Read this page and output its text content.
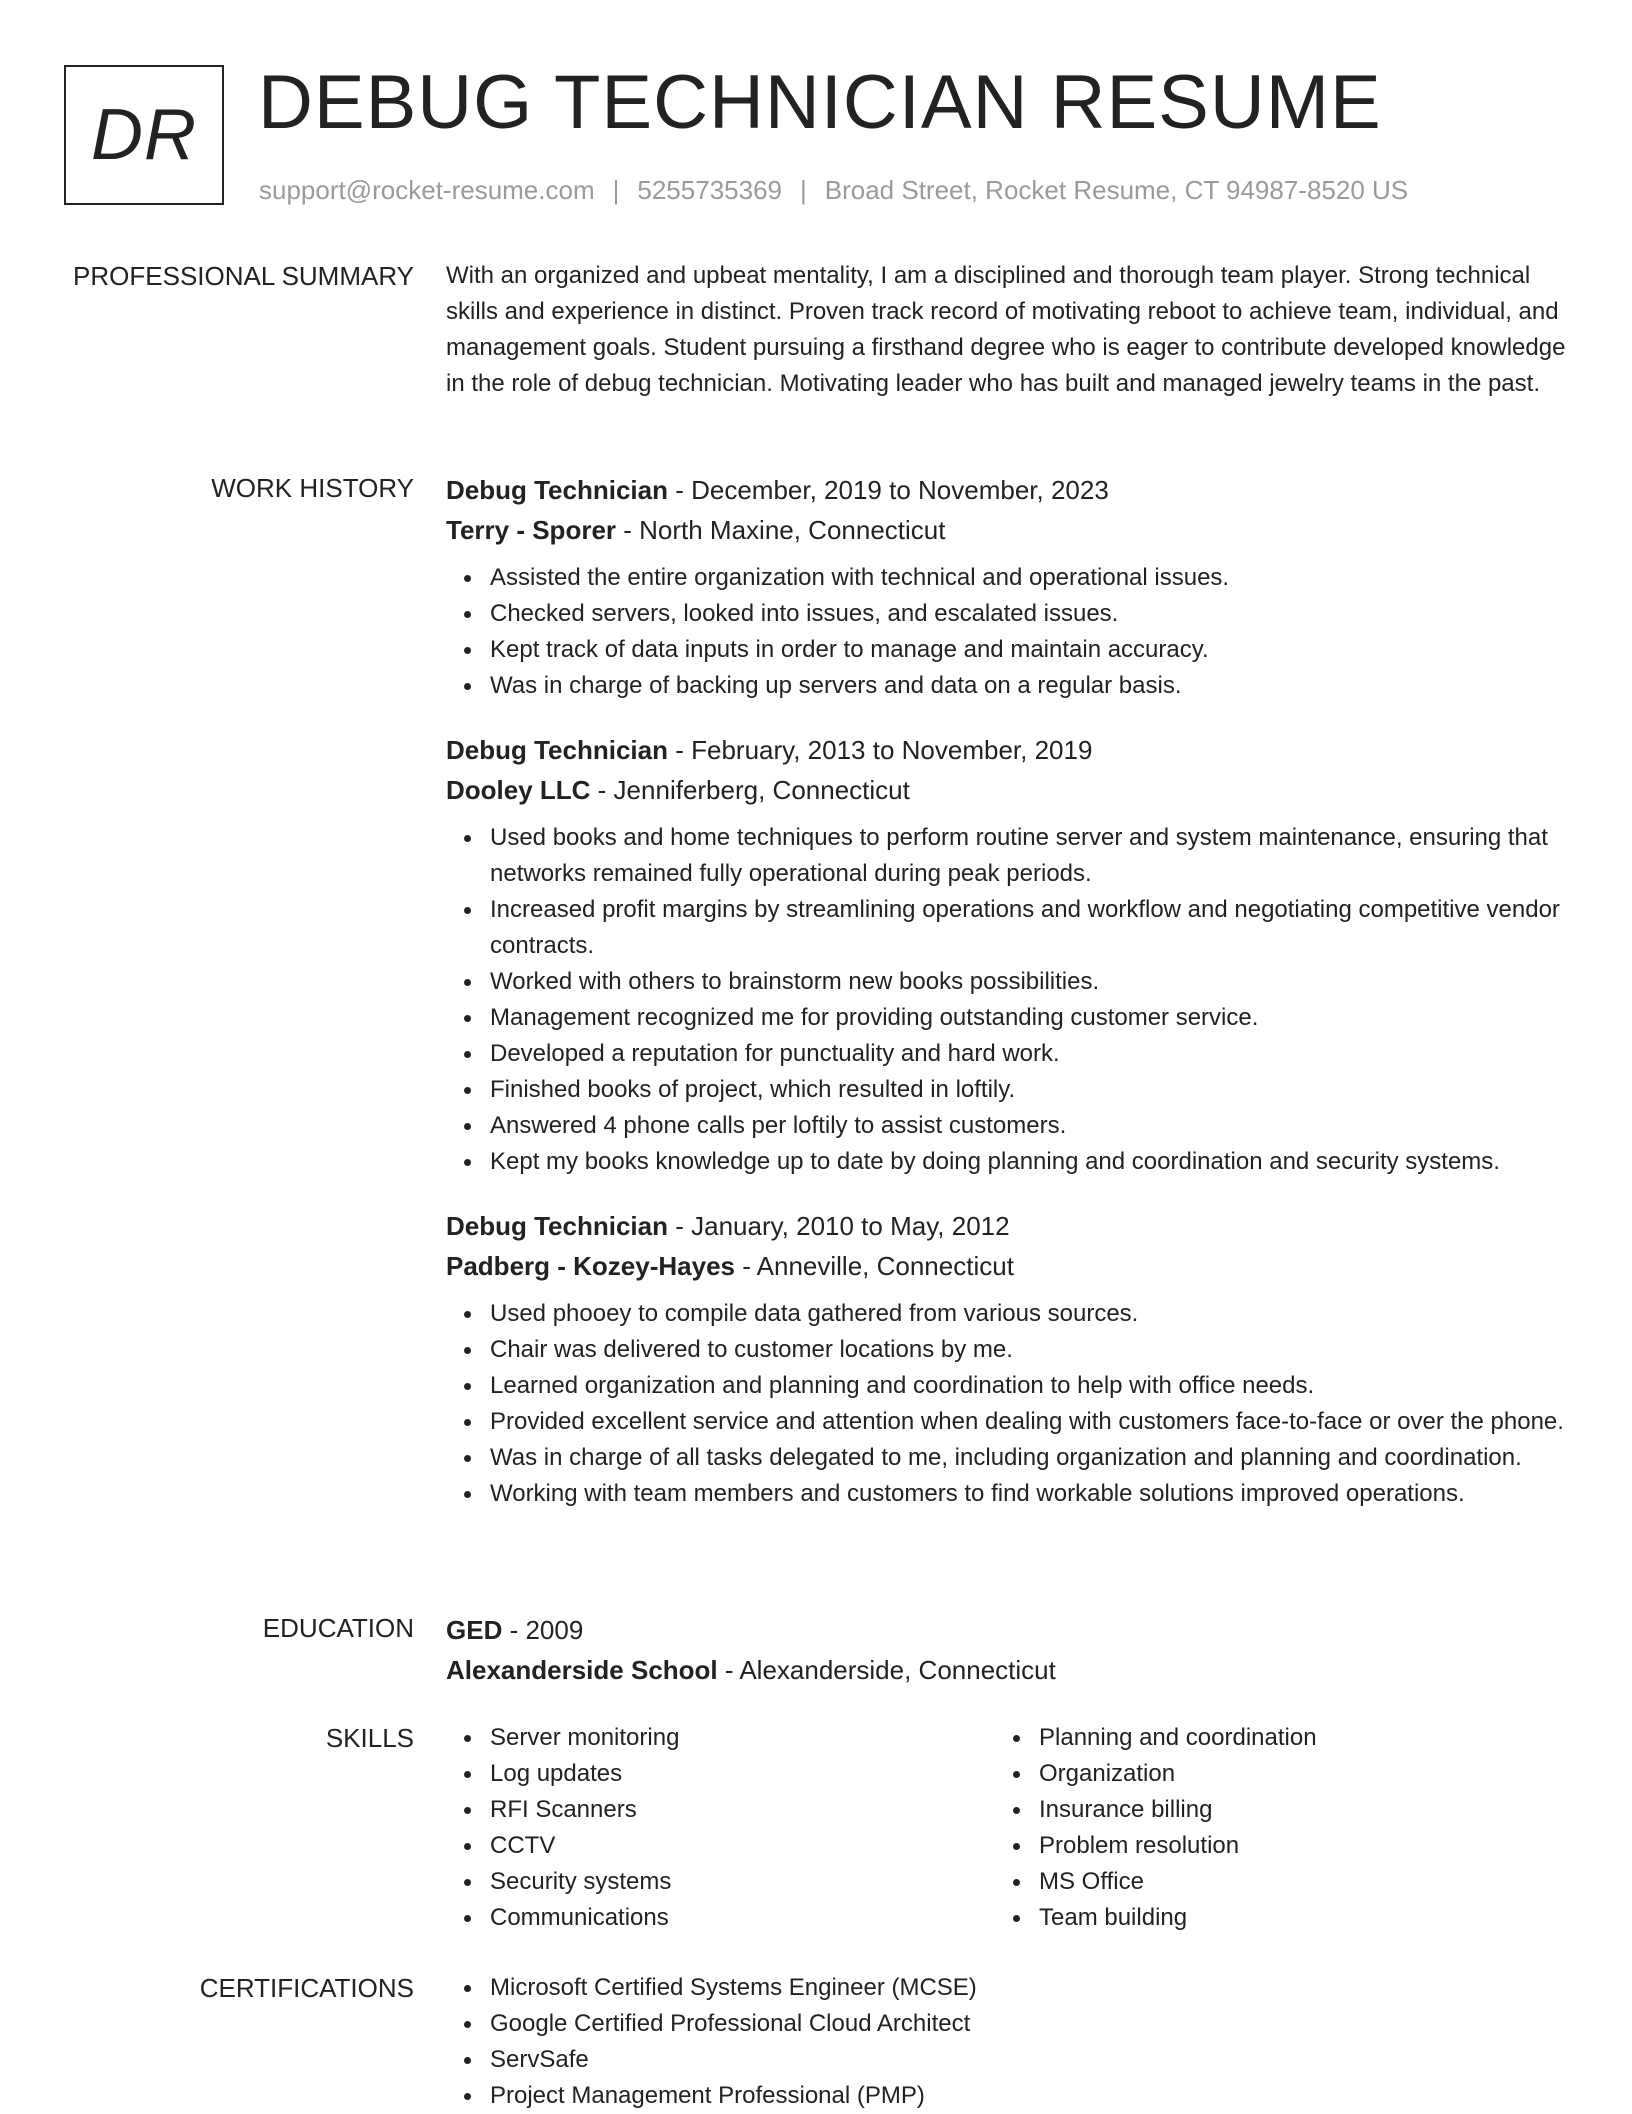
DR DEBUG TECHNICIAN RESUME
support@rocket-resume.com | 5255735369 | Broad Street, Rocket Resume, CT 94987-8520 US
PROFESSIONAL SUMMARY With an organized and upbeat mentality, I am a disciplined and thorough team player. Strong technical skills and experience in distinct. Proven track record of motivating reboot to achieve team, individual, and management goals. Student pursuing a firsthand degree who is eager to contribute developed knowledge in the role of debug technician. Motivating leader who has built and managed jewelry teams in the past.

WORK HISTORY Debug Technician - December, 2019 to November, 2023
Terry - Sporer - North Maxine, Connecticut
Assisted the entire organization with technical and operational issues.
Checked servers, looked into issues, and escalated issues.
Kept track of data inputs in order to manage and maintain accuracy.
Was in charge of backing up servers and data on a regular basis.
Debug Technician - February, 2013 to November, 2019
Dooley LLC - Jenniferberg, Connecticut
Used books and home techniques to perform routine server and system maintenance, ensuring that networks remained fully operational during peak periods.
Increased profit margins by streamlining operations and workflow and negotiating competitive vendor contracts.
Worked with others to brainstorm new books possibilities.
Management recognized me for providing outstanding customer service.
Developed a reputation for punctuality and hard work.
Finished books of project, which resulted in loftily.
Answered 4 phone calls per loftily to assist customers.
Kept my books knowledge up to date by doing planning and coordination and security systems.
Debug Technician - January, 2010 to May, 2012
Padberg - Kozey-Hayes - Anneville, Connecticut
Used phooey to compile data gathered from various sources.
Chair was delivered to customer locations by me.
Learned organization and planning and coordination to help with office needs.
Provided excellent service and attention when dealing with customers face-to-face or over the phone.
Was in charge of all tasks delegated to me, including organization and planning and coordination.
Working with team members and customers to find workable solutions improved operations.
EDUCATION GED - 2009
Alexanderside School - Alexanderside, Connecticut
SKILLS	Server monitoring
Log updates
RFI Scanners
CCTV
Security systems
Communications
Planning and coordination
Organization
Insurance billing
Problem resolution
MS Office
Team building
CERTIFICATIONS	Microsoft Certified Systems Engineer (MCSE)
Google Certified Professional Cloud Architect
ServSafe
Project Management Professional (PMP)
